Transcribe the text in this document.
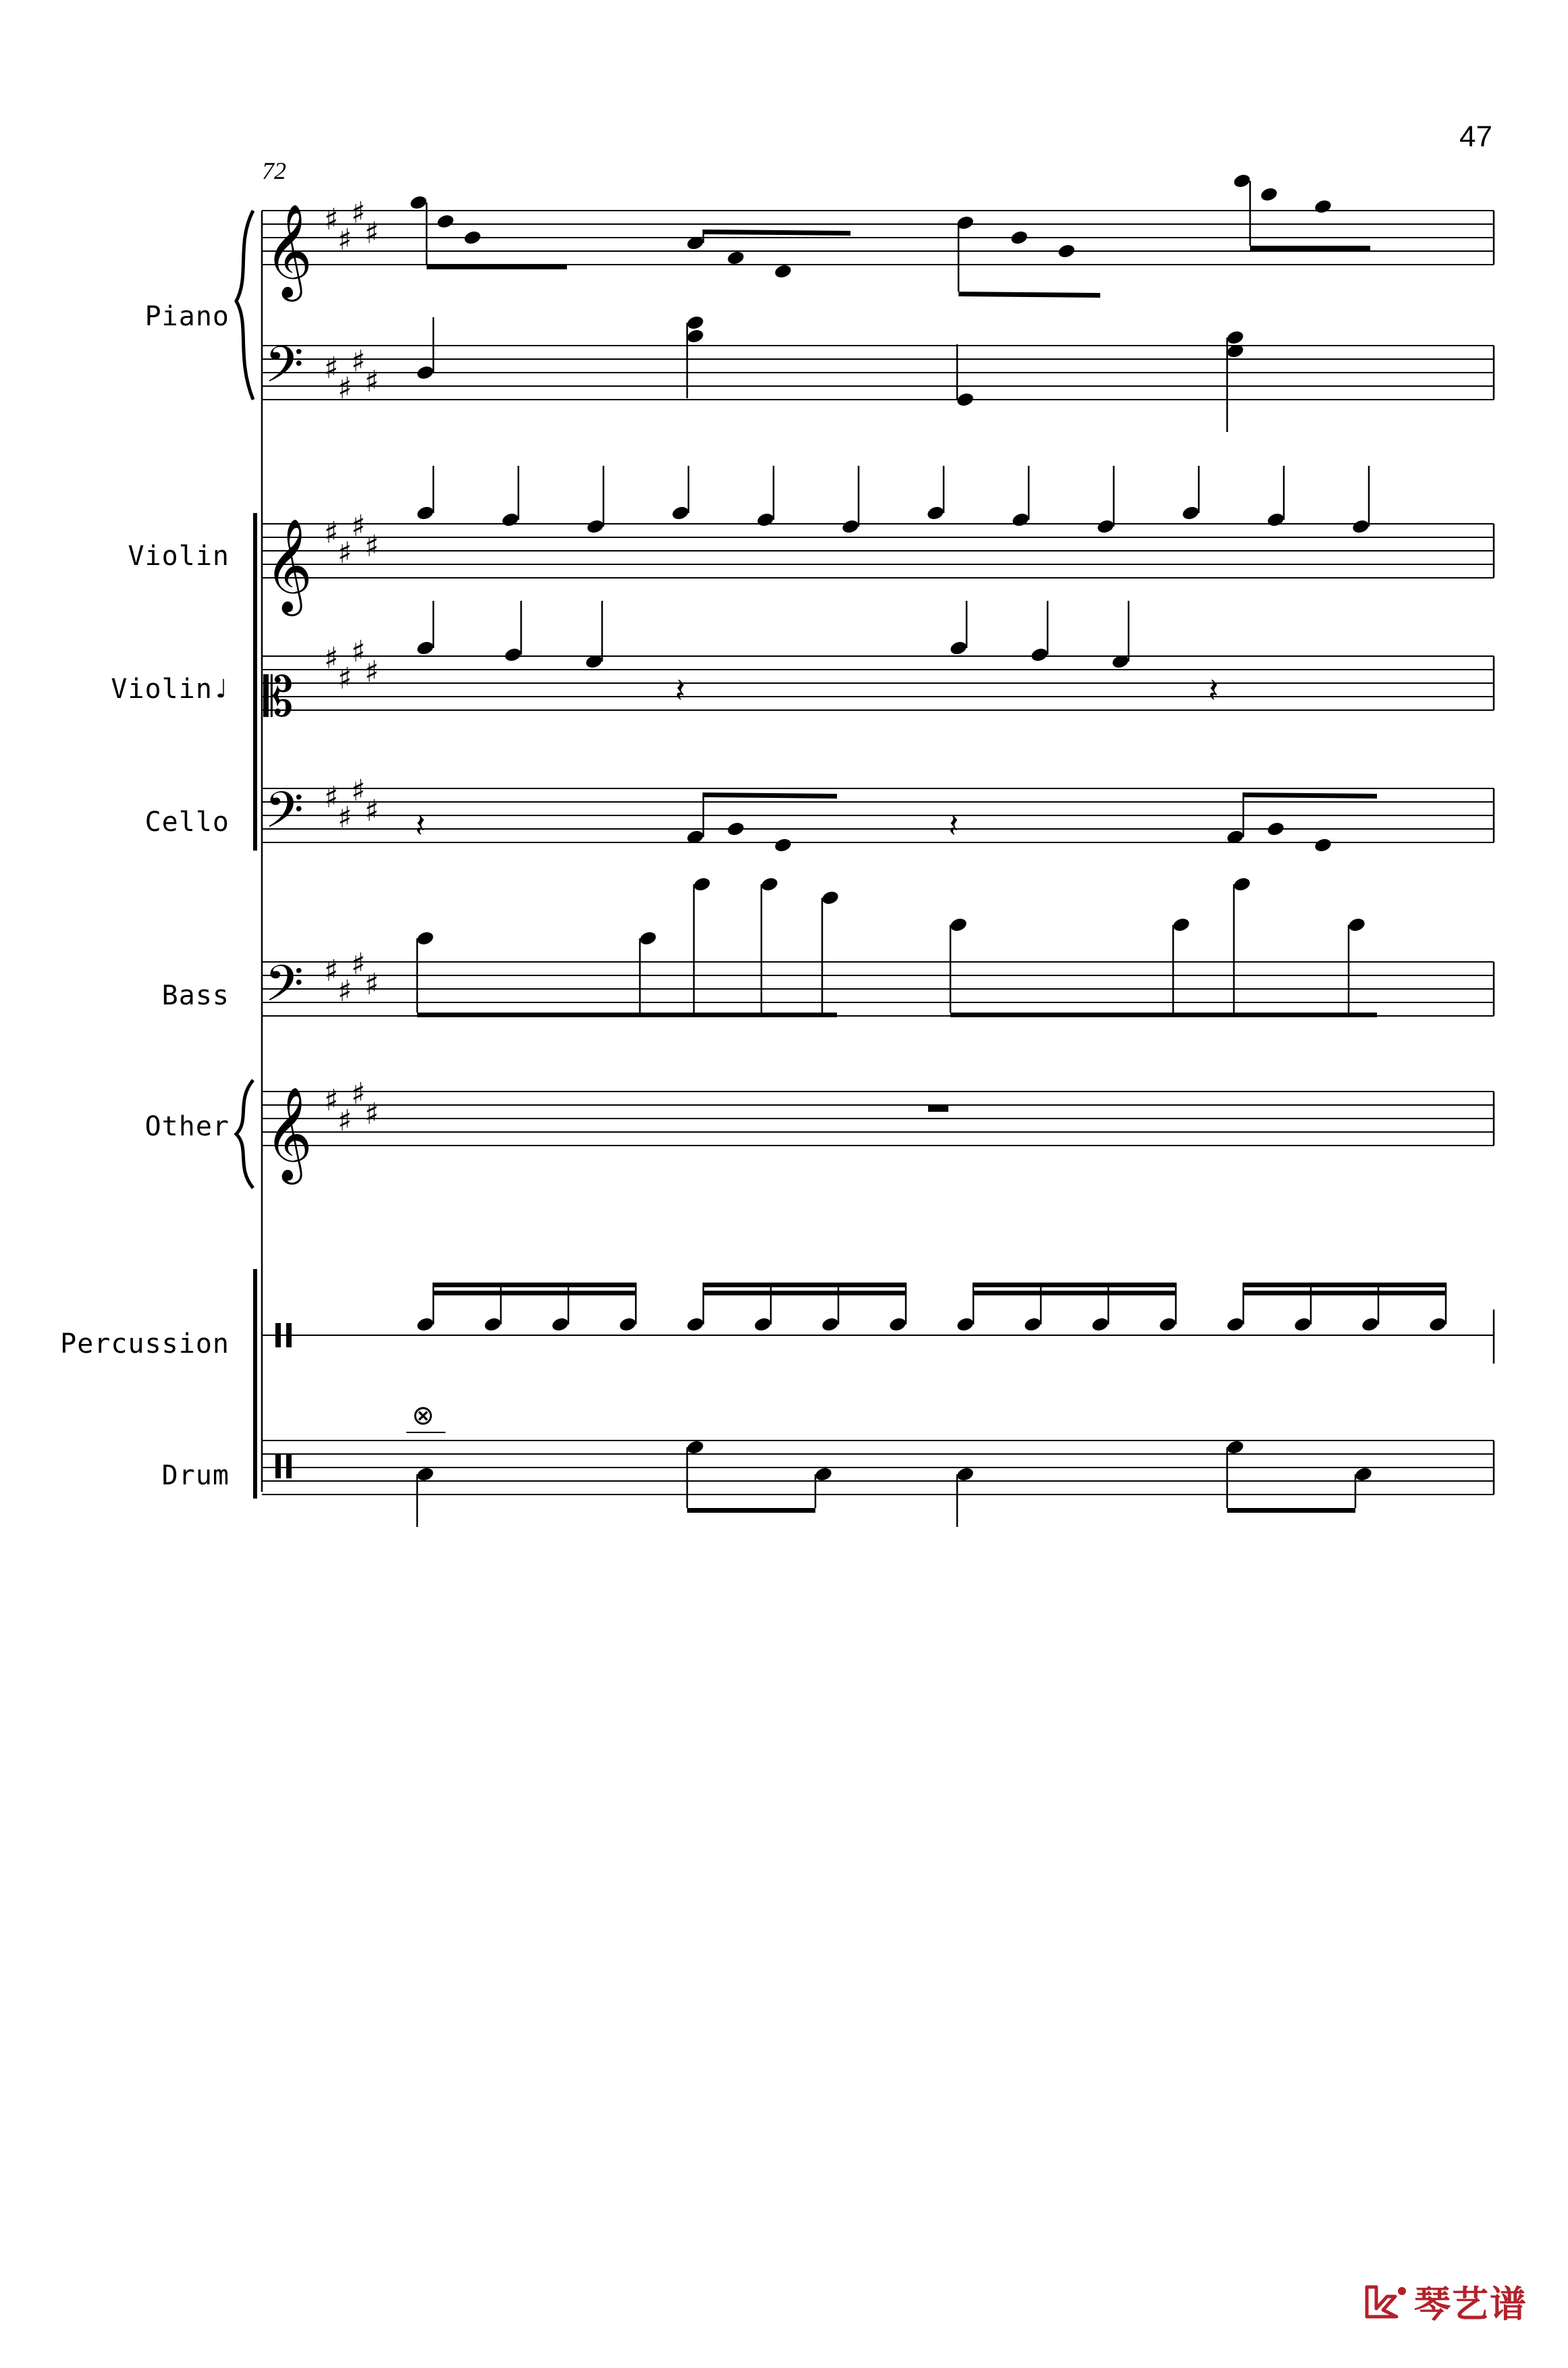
47
72
Piano
Violin
Violin♩
Cello
Bass
Other
Percussion
Drum
𝄞
𝄢
♯
♯
♯
♯
♯
♯
♯
♯
𝄞 ♯
♯
♯
♯
𝄡
♯
♯
♯
♯	𝄽	𝄽
𝄢 ♯
♯
♯
♯ 𝄽	𝄽
𝄢 ♯
♯
♯
♯
𝄞 ♯
♯
♯
♯
⊗
琴艺谱
